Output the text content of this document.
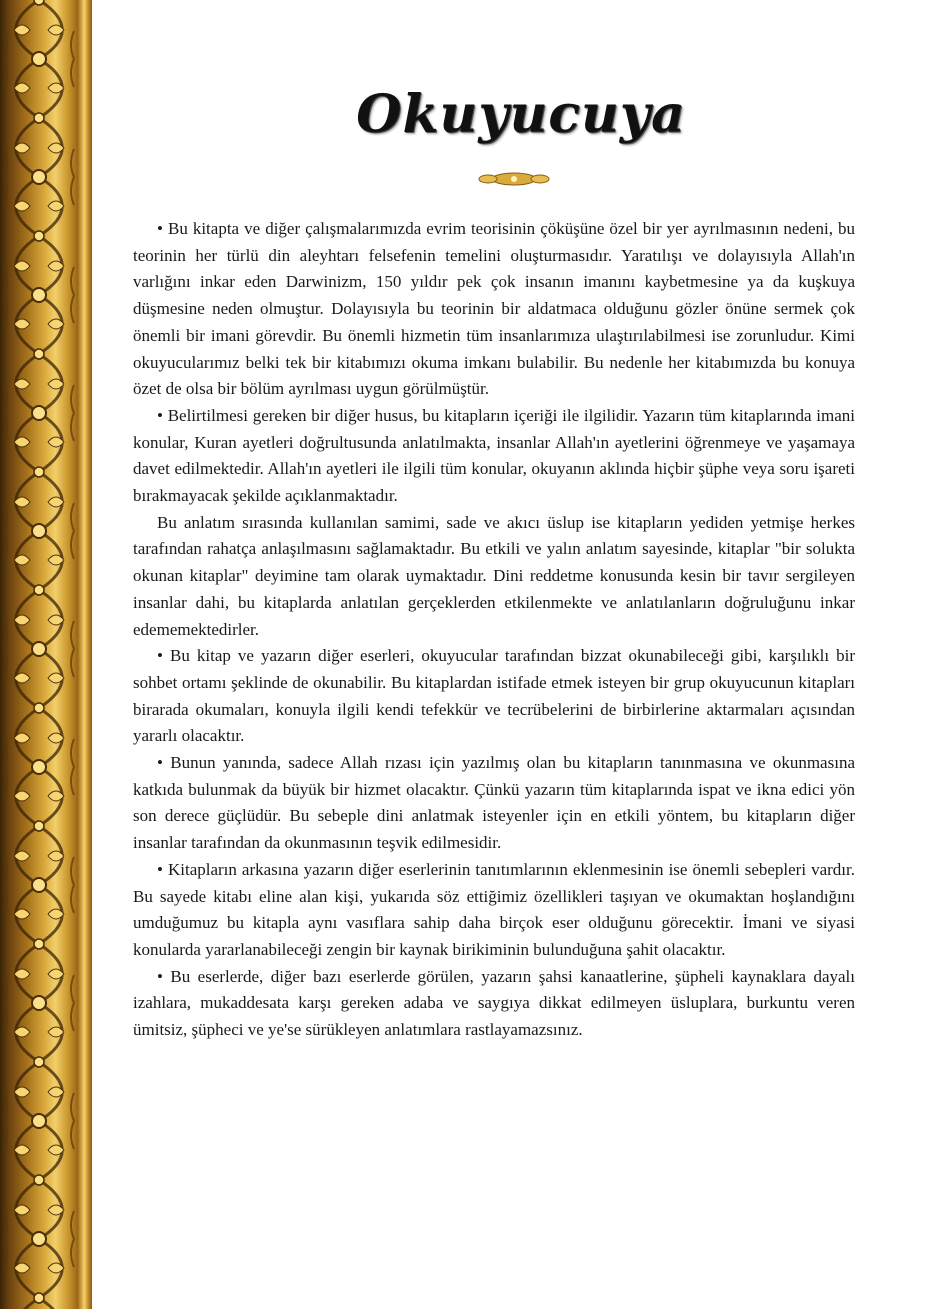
Okuyucuya

• Bu kitapta ve diğer çalışmalarımızda evrim teorisinin çöküşüne özel bir yer ayrılmasının nedeni, bu teorinin her türlü din aleyhtarı felsefenin temelini oluşturmasıdır. Yaratılışı ve dolayısıyla Allah'ın varlığını inkar eden Darwinizm, 150 yıldır pek çok insanın imanını kaybetmesine ya da kuşkuya düşmesine neden olmuştur. Dolayısıyla bu teorinin bir aldatmaca olduğunu gözler önüne sermek çok önemli bir imani görevdir. Bu önemli hizmetin tüm insanlarımıza ulaştırılabilmesi ise zorunludur. Kimi okuyucularımız belki tek bir kitabımızı okuma imkanı bulabilir. Bu nedenle her kitabımızda bu konuya özet de olsa bir bölüm ayrılması uygun görülmüştür.

• Belirtilmesi gereken bir diğer husus, bu kitapların içeriği ile ilgilidir. Yazarın tüm kitaplarında imani konular, Kuran ayetleri doğrultusunda anlatılmakta, insanlar Allah'ın ayetlerini öğrenmeye ve yaşamaya davet edilmektedir. Allah'ın ayetleri ile ilgili tüm konular, okuyanın aklında hiçbir şüphe veya soru işareti bırakmayacak şekilde açıklanmaktadır.

Bu anlatım sırasında kullanılan samimi, sade ve akıcı üslup ise kitapların yediden yetmişe herkes tarafından rahatça anlaşılmasını sağlamaktadır. Bu etkili ve yalın anlatım sayesinde, kitaplar "bir solukta okunan kitaplar" deyimine tam olarak uymaktadır. Dini reddetme konusunda kesin bir tavır sergileyen insanlar dahi, bu kitaplarda anlatılan gerçeklerden etkilenmekte ve anlatılanların doğruluğunu inkar edememektedirler.

• Bu kitap ve yazarın diğer eserleri, okuyucular tarafından bizzat okunabileceği gibi, karşılıklı bir sohbet ortamı şeklinde de okunabilir. Bu kitaplardan istifade etmek isteyen bir grup okuyucunun kitapları birarada okumaları, konuyla ilgili kendi tefekkür ve tecrübelerini de birbirlerine aktarmaları açısından yararlı olacaktır.

• Bunun yanında, sadece Allah rızası için yazılmış olan bu kitapların tanınmasına ve okunmasına katkıda bulunmak da büyük bir hizmet olacaktır. Çünkü yazarın tüm kitaplarında ispat ve ikna edici yön son derece güçlüdür. Bu sebeple dini anlatmak isteyenler için en etkili yöntem, bu kitapların diğer insanlar tarafından da okunmasının teşvik edilmesidir.

• Kitapların arkasına yazarın diğer eserlerinin tanıtımlarının eklenmesinin ise önemli sebepleri vardır. Bu sayede kitabı eline alan kişi, yukarıda söz ettiğimiz özellikleri taşıyan ve okumaktan hoşlandığını umduğumuz bu kitapla aynı vasıflara sahip daha birçok eser olduğunu görecektir. İmani ve siyasi konularda yararlanabileceği zengin bir kaynak birikiminin bulunduğuna şahit olacaktır.

• Bu eserlerde, diğer bazı eserlerde görülen, yazarın şahsi kanaatlerine, şüpheli kaynaklara dayalı izahlara, mukaddesata karşı gereken adaba ve saygıya dikkat edilmeyen üsluplara, burkuntu veren ümitsiz, şüpheci ve ye'se sürükleyen anlatımlara rastlayamazsınız.
